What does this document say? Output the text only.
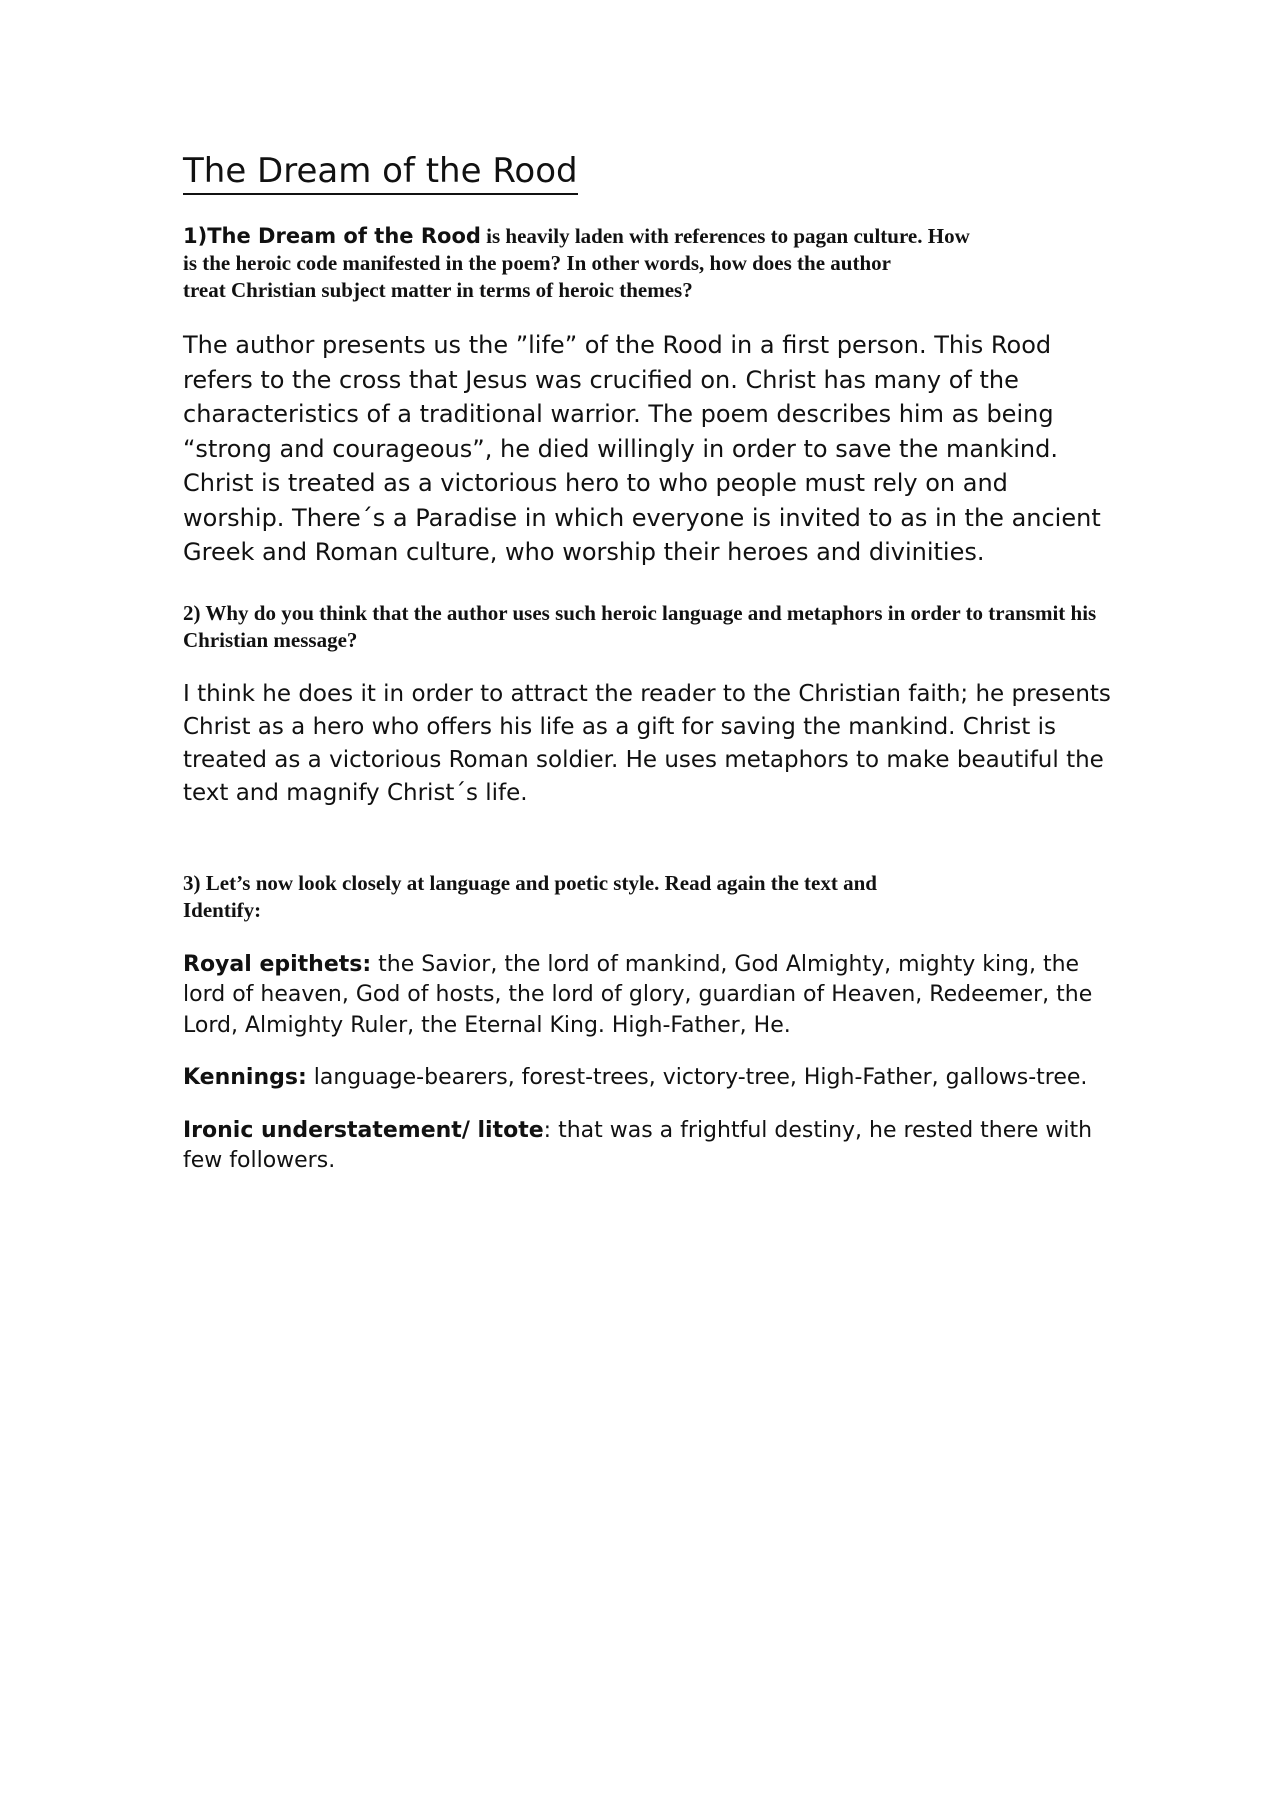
The Dream of the Rood
1)The Dream of the Rood is heavily laden with references to pagan culture. How
is the heroic code manifested in the poem? In other words, how does the author
treat Christian subject matter in terms of heroic themes?

The author presents us the ”life” of the Rood in a first person. This Rood refers to the cross that Jesus was crucified on. Christ has many of the characteristics of a traditional warrior. The poem describes him as being “strong and courageous”, he died willingly in order to save the mankind. Christ is treated as a victorious hero to who people must rely on and worship. There´s a Paradise in which everyone is invited to as in the ancient Greek and Roman culture, who worship their heroes and divinities.

2) Why do you think that the author uses such heroic language and metaphors in order to transmit his Christian message?

I think he does it in order to attract the reader to the Christian faith; he presents Christ as a hero who offers his life as a gift for saving the mankind. Christ is treated as a victorious Roman soldier. He uses metaphors to make beautiful the text and magnify Christ´s life.

3) Let’s now look closely at language and poetic style. Read again the text and
Identify:

Royal epithets: the Savior, the lord of mankind, God Almighty, mighty king, the lord of heaven, God of hosts, the lord of glory, guardian of Heaven, Redeemer, the Lord, Almighty Ruler, the Eternal King. High-Father, He.

Kennings: language-bearers, forest-trees, victory-tree, High-Father, gallows-tree.

Ironic understatement/ litote: that was a frightful destiny, he rested there with few followers.
